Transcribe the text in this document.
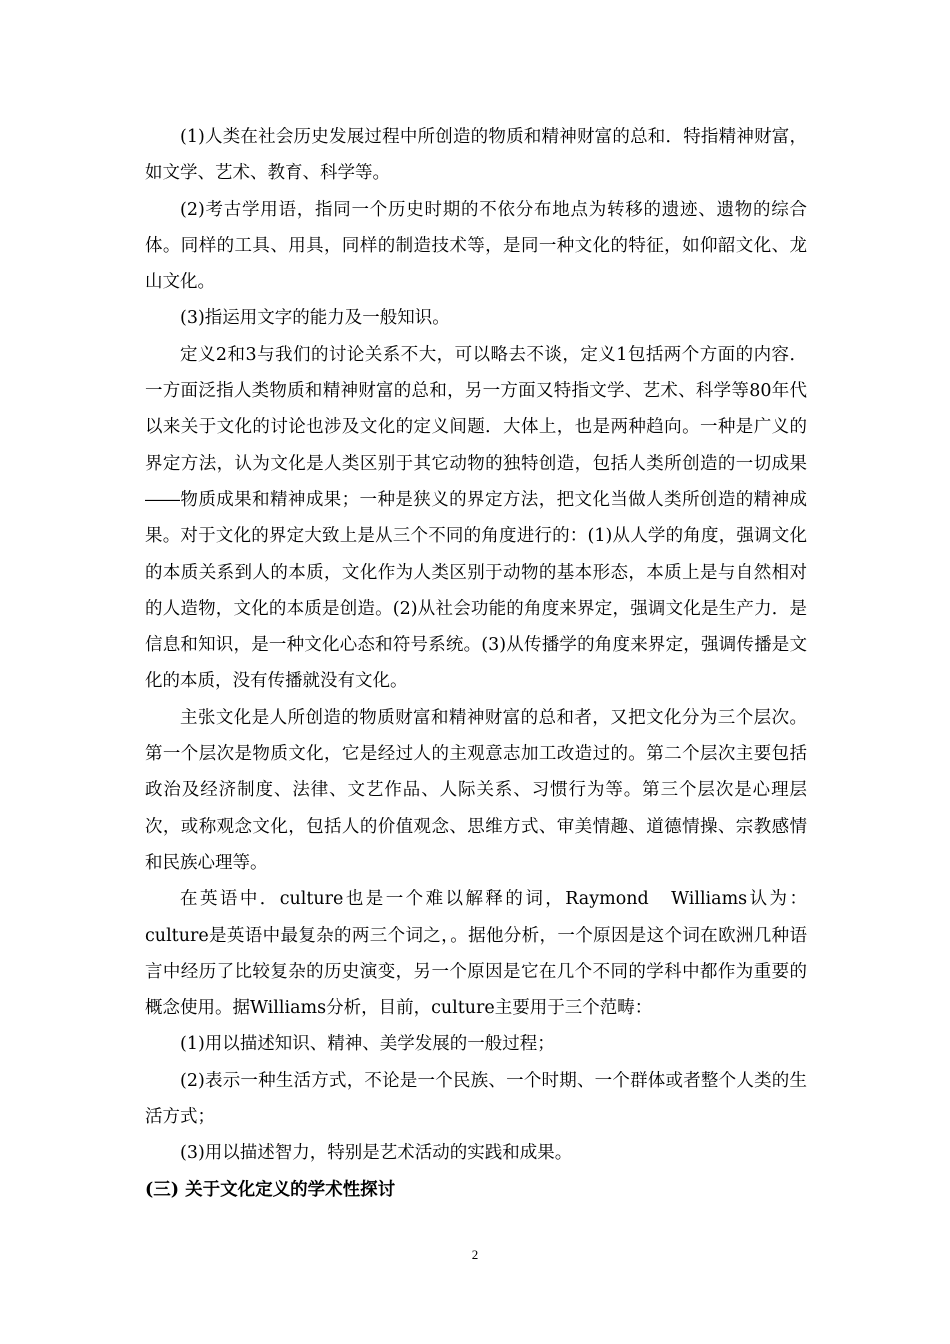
(1)人类在社会历史发展过程中所创造的物质和精神财富的总和．特指精神财富，如文学、艺术、教育、科学等。

(2)考古学用语，指同一个历史时期的不依分布地点为转移的遗迹、遗物的综合体。同样的工具、用具，同样的制造技术等，是同一种文化的特征，如仰韶文化、龙山文化。

(3)指运用文字的能力及一般知识。

定义2和3与我们的讨论关系不大，可以略去不谈，定义1包括两个方面的内容．一方面泛指人类物质和精神财富的总和，另一方面又特指文学、艺术、科学等80年代以来关于文化的讨论也涉及文化的定义间题．大体上，也是两种趋向。一种是广义的界定方法，认为文化是人类区别于其它动物的独特创造，包括人类所创造的一切成果――物质成果和精神成果；一种是狭义的界定方法，把文化当做人类所创造的精神成果。对于文化的界定大致上是从三个不同的角度进行的：(1)从人学的角度，强调文化的本质关系到人的本质，文化作为人类区别于动物的基本形态，本质上是与自然相对的人造物，文化的本质是创造。(2)从社会功能的角度来界定，强调文化是生产力．是信息和知识，是一种文化心态和符号系统。(3)从传播学的角度来界定，强调传播是文化的本质，没有传播就没有文化。

主张文化是人所创造的物质财富和精神财富的总和者，又把文化分为三个层次。第一个层次是物质文化，它是经过人的主观意志加工改造过的。第二个层次主要包括政治及经济制度、法律、文艺作品、人际关系、习惯行为等。第三个层次是心理层次，或称观念文化，包括人的价值观念、思维方式、审美情趣、道德情操、宗教感情和民族心理等。

在英语中．culture也是一个难以解释的词，Raymond　Williams认为：culture是英语中最复杂的两三个词之，。据他分析，一个原因是这个词在欧洲几种语言中经历了比较复杂的历史演变，另一个原因是它在几个不同的学科中都作为重要的概念使用。据Williams分析，目前，culture主要用于三个范畴：

(1)用以描述知识、精神、美学发展的一般过程；

(2)表示一种生活方式，不论是一个民族、一个时期、一个群体或者整个人类的生活方式；

(3)用以描述智力，特别是艺术活动的实践和成果。

(三) 关于文化定义的学术性探讨

2
